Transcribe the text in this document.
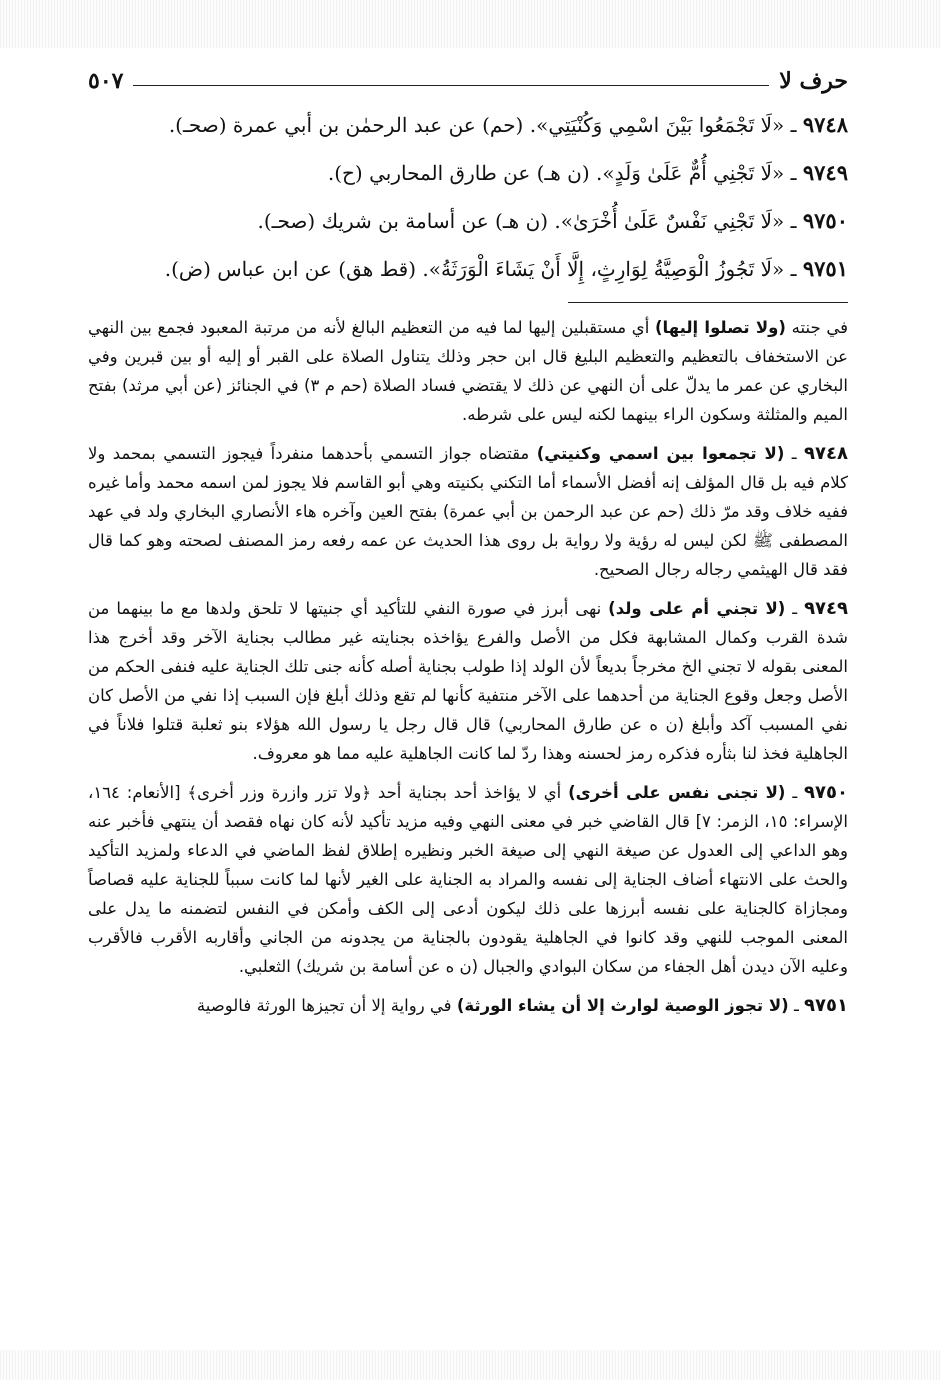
حرف لا
٥٠٧
٩٧٤٨ ـ «لَا تَجْمَعُوا بَيْنَ اسْمِي وَكُنْيَتِي». (حم) عن عبد الرحمٰن بن أبي عمرة (صحـ).
٩٧٤٩ ـ «لَا تَجْنِي أُمٌّ عَلَىٰ وَلَدٍ». (ن هـ) عن طارق المحاربي (ح).
٩٧٥٠ ـ «لَا تَجْنِي نَفْسٌ عَلَىٰ أُخْرَىٰ». (ن هـ) عن أسامة بن شريك (صحـ).
٩٧٥١ ـ «لَا تَجُوزُ الْوَصِيَّةُ لِوَارِثٍ، إِلَّا أَنْ يَشَاءَ الْوَرَثَةُ». (قط هق) عن ابن عباس (ض).
في جنته (ولا تصلوا إليها) أي مستقبلين إليها لما فيه من التعظيم البالغ لأنه من مرتبة المعبود فجمع بين النهي عن الاستخفاف بالتعظيم والتعظيم البليغ قال ابن حجر وذلك يتناول الصلاة على القبر أو إليه أو بين قبرين وفي البخاري عن عمر ما يدلّ على أن النهي عن ذلك لا يقتضي فساد الصلاة (حم م ٣) في الجنائز (عن أبي مرثد) بفتح الميم والمثلثة وسكون الراء بينهما لكنه ليس على شرطه.
٩٧٤٨ ـ (لا تجمعوا بين اسمي وكنيتي) مقتضاه جواز التسمي بأحدهما منفرداً فيجوز التسمي بمحمد ولا كلام فيه بل قال المؤلف إنه أفضل الأسماء أما التكني بكنيته وهي أبو القاسم فلا يجوز لمن اسمه محمد وأما غيره ففيه خلاف وقد مرّ ذلك (حم عن عبد الرحمن بن أبي عمرة) بفتح العين وآخره هاء الأنصاري البخاري ولد في عهد المصطفى ﷺ لكن ليس له رؤية ولا رواية بل روى هذا الحديث عن عمه رفعه رمز المصنف لصحته وهو كما قال فقد قال الهيثمي رجاله رجال الصحيح.
٩٧٤٩ ـ (لا تجني أم على ولد) نهى أبرز في صورة النفي للتأكيد أي جنيتها لا تلحق ولدها مع ما بينهما من شدة القرب وكمال المشابهة فكل من الأصل والفرع يؤاخذه بجنايته غير مطالب بجناية الآخر وقد أخرج هذا المعنى بقوله لا تجني الخ مخرجاً بديعاً لأن الولد إذا طولب بجناية أصله كأنه جنى تلك الجناية عليه فنفى الحكم من الأصل وجعل وقوع الجناية من أحدهما على الآخر منتفية كأنها لم تقع وذلك أبلغ فإن السبب إذا نفي من الأصل كان نفي المسبب آكد وأبلغ (ن ه عن طارق المحاربي) قال قال رجل يا رسول الله هؤلاء بنو ثعلبة قتلوا فلاناً في الجاهلية فخذ لنا بثأره فذكره رمز لحسنه وهذا ردّ لما كانت الجاهلية عليه مما هو معروف.
٩٧٥٠ ـ (لا تجنى نفس على أخرى) أي لا يؤاخذ أحد بجناية أحد ﴿ولا تزر وازرة وزر أخرى﴾ [الأنعام: ١٦٤، الإسراء: ١٥، الزمر: ٧] قال القاضي خبر في معنى النهي وفيه مزيد تأكيد لأنه كان نهاه فقصد أن ينتهي فأخبر عنه وهو الداعي إلى العدول عن صيغة النهي إلى صيغة الخبر ونظيره إطلاق لفظ الماضي في الدعاء ولمزيد التأكيد والحث على الانتهاء أضاف الجناية إلى نفسه والمراد به الجناية على الغير لأنها لما كانت سبباً للجناية عليه قصاصاً ومجازاة كالجناية على نفسه أبرزها على ذلك ليكون أدعى إلى الكف وأمكن في النفس لتضمنه ما يدل على المعنى الموجب للنهي وقد كانوا في الجاهلية يقودون بالجناية من يجدونه من الجاني وأقاربه الأقرب فالأقرب وعليه الآن ديدن أهل الجفاء من سكان البوادي والجبال (ن ه عن أسامة بن شريك) الثعلبي.
٩٧٥١ ـ (لا تجوز الوصية لوارث إلا أن يشاء الورثة) في رواية إلا أن تجيزها الورثة فالوصية
